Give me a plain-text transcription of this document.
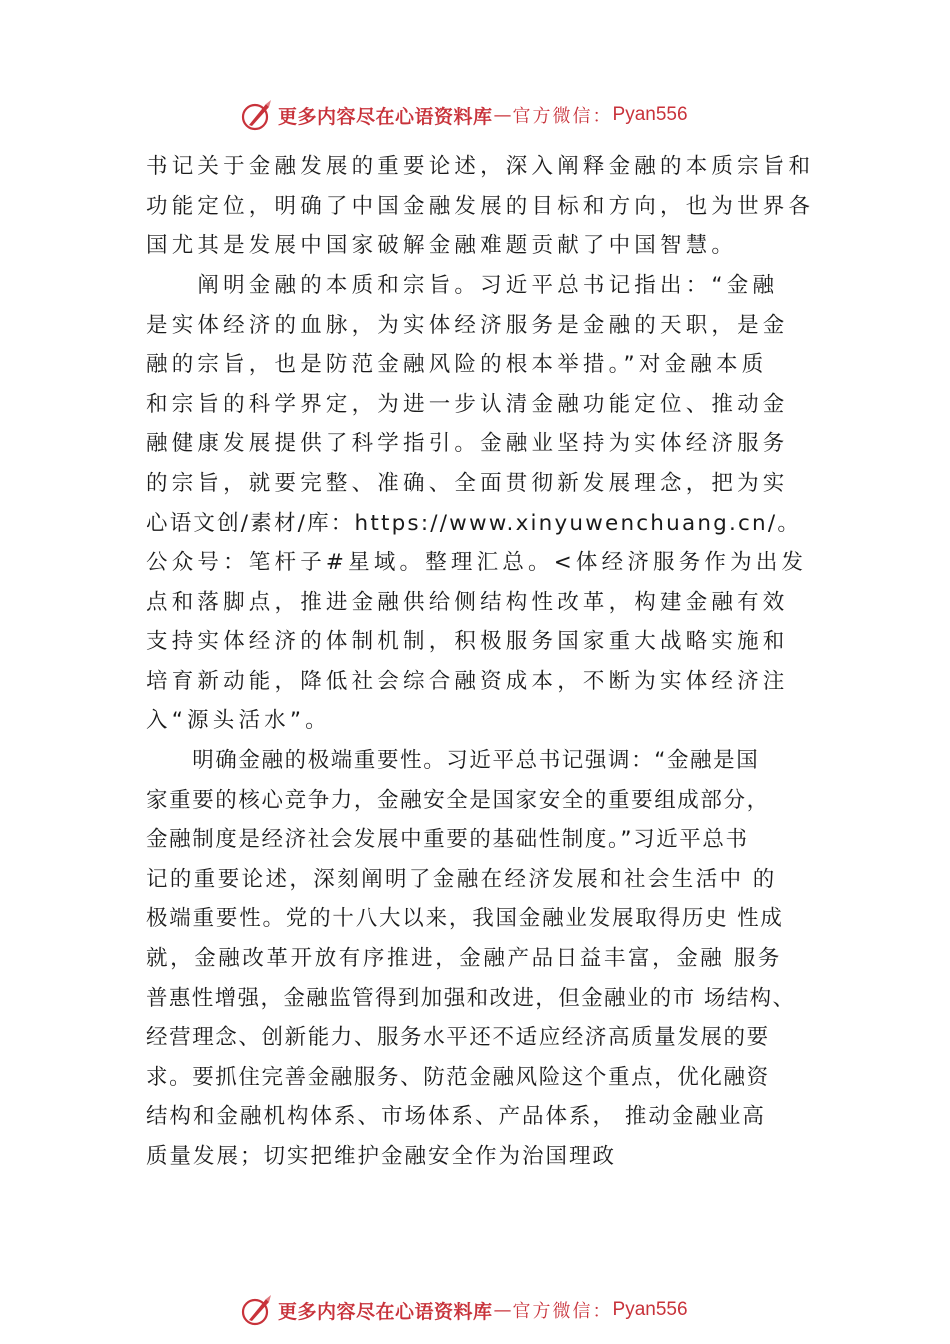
更多内容尽在心语资料库 — 官方微信： Pyan556
书记关于金融发展的重要论述，深入阐释金融的本质宗旨和
功能定位，明确了中国金融发展的目标和方向，也为世界各
国尤其是发展中国家破解金融难题贡献了中国智慧。
　　阐明金融的本质和宗旨。习近平总书记指出：“金融
是实体经济的血脉，为实体经济服务是金融的天职，是金
融的宗旨，也是防范金融风险的根本举措。”对金融本质
和宗旨的科学界定，为进一步认清金融功能定位、推动金
融健康发展提供了科学指引。金融业坚持为实体经济服务
的宗旨，就要完整、准确、全面贯彻新发展理念，把为实
心语文创/素材/库：https://www.xinyuwenchuang.cn/。
公众号：笔杆子#星域。整理汇总。<体经济服务作为出发
点和落脚点，推进金融供给侧结构性改革，构建金融有效
支持实体经济的体制机制，积极服务国家重大战略实施和
培育新动能，降低社会综合融资成本，不断为实体经济注
入“源头活水”。
　　明确金融的极端重要性。习近平总书记强调：“金融是国
家重要的核心竞争力，金融安全是国家安全的重要组成部分，
金融制度是经济社会发展中重要的基础性制度。”习近平总书
记的重要论述，深刻阐明了金融在经济发展和社会生活中 的
极端重要性。党的十八大以来，我国金融业发展取得历史 性成
就，金融改革开放有序推进，金融产品日益丰富，金融 服务
普惠性增强，金融监管得到加强和改进，但金融业的市 场结构、
经营理念、创新能力、服务水平还不适应经济高质量发展的要
求。要抓住完善金融服务、防范金融风险这个重点，优化融资
结构和金融机构体系、市场体系、产品体系， 推动金融业高
质量发展；切实把维护金融安全作为治国理政
更多内容尽在心语资料库 — 官方微信： Pyan556
